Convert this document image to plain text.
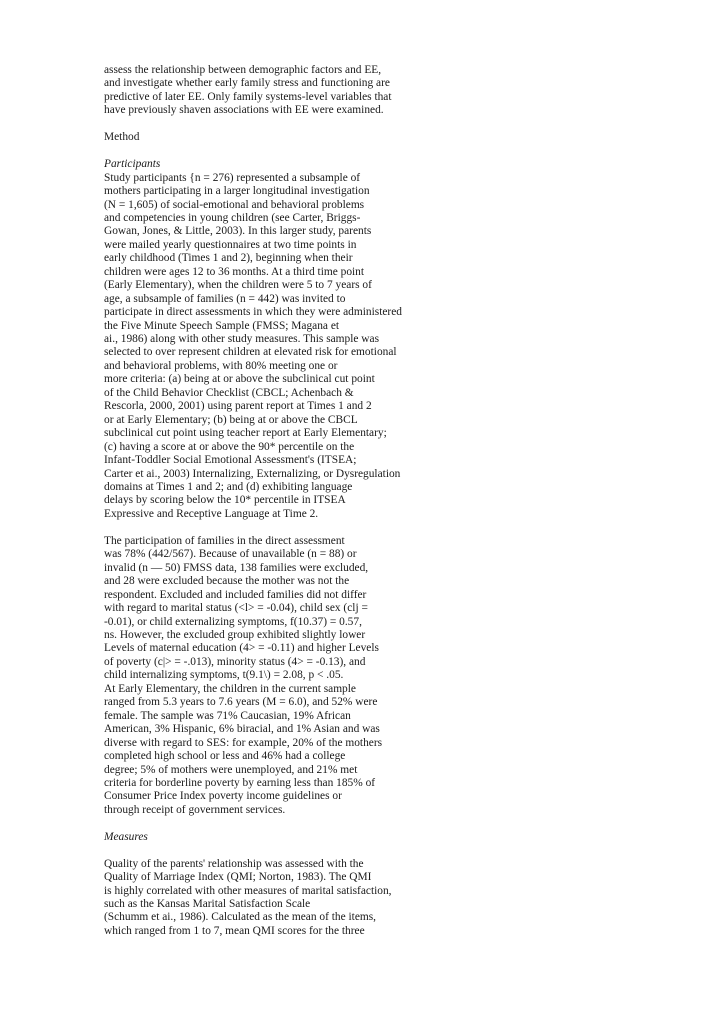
assess the relationship between demographic factors and EE,
and investigate whether early family stress and functioning are
predictive of later EE. Only family systems-level variables that
have previously shaven associations with EE were examined.
Method
Participants
Study participants {n = 276) represented a subsample of
mothers participating in a larger longitudinal investigation
(N = 1,605) of social-emotional and behavioral problems
and competencies in young children (see Carter, Briggs-
Gowan, Jones, & Little, 2003). In this larger study, parents
were mailed yearly questionnaires at two time points in
early childhood (Times 1 and 2), beginning when their
children were ages 12 to 36 months. At a third time point
(Early Elementary), when the children were 5 to 7 years of
age, a subsample of families (n = 442) was invited to
participate in direct assessments in which they were administered
the Five Minute Speech Sample (FMSS; Magana et
ai., 1986) along with other study measures. This sample was
selected to over represent children at elevated risk for emotional
and behavioral problems, with 80% meeting one or
more criteria: (a) being at or above the subclinical cut point
of the Child Behavior Checklist (CBCL; Achenbach &
Rescorla, 2000, 2001) using parent report at Times 1 and 2
or at Early Elementary; (b) being at or above the CBCL
subclinical cut point using teacher report at Early Elementary;
(c) having a score at or above the 90* percentile on the
Infant-Toddler Social Emotional Assessment's (ITSEA;
Carter et ai., 2003) Internalizing, Externalizing, or Dysregulation
domains at Times 1 and 2; and (d) exhibiting language
delays by scoring below the 10* percentile in ITSEA
Expressive and Receptive Language at Time 2.
The participation of families in the direct assessment
was 78% (442/567). Because of unavailable (n = 88) or
invalid (n — 50) FMSS data, 138 families were excluded,
and 28 were excluded because the mother was not the
respondent. Excluded and included families did not differ
with regard to marital status (<l> = -0.04), child sex (clj =
-0.01), or child externalizing symptoms, f(10.37) = 0.57,
ns. However, the excluded group exhibited slightly lower
Levels of maternal education (4> = -0.11) and higher Levels
of poverty (c|> = -.013), minority status (4> = -0.13), and
child internalizing symptoms, t(9.1\) = 2.08, p < .05.
At Early Elementary, the children in the current sample
ranged from 5.3 years to 7.6 years (M = 6.0), and 52% were
female. The sample was 71% Caucasian, 19% African
American, 3% Hispanic, 6% biracial, and 1% Asian and was
diverse with regard to SES: for example, 20% of the mothers
completed high school or less and 46% had a college
degree; 5% of mothers were unemployed, and 21% met
criteria for borderline poverty by earning less than 185% of
Consumer Price Index poverty income guidelines or
through receipt of government services.
Measures
Quality of the parents' relationship was assessed with the
Quality of Marriage Index (QMI; Norton, 1983). The QMI
is highly correlated with other measures of marital satisfaction,
such as the Kansas Marital Satisfaction Scale
(Schumm et ai., 1986). Calculated as the mean of the items,
which ranged from 1 to 7, mean QMI scores for the three
